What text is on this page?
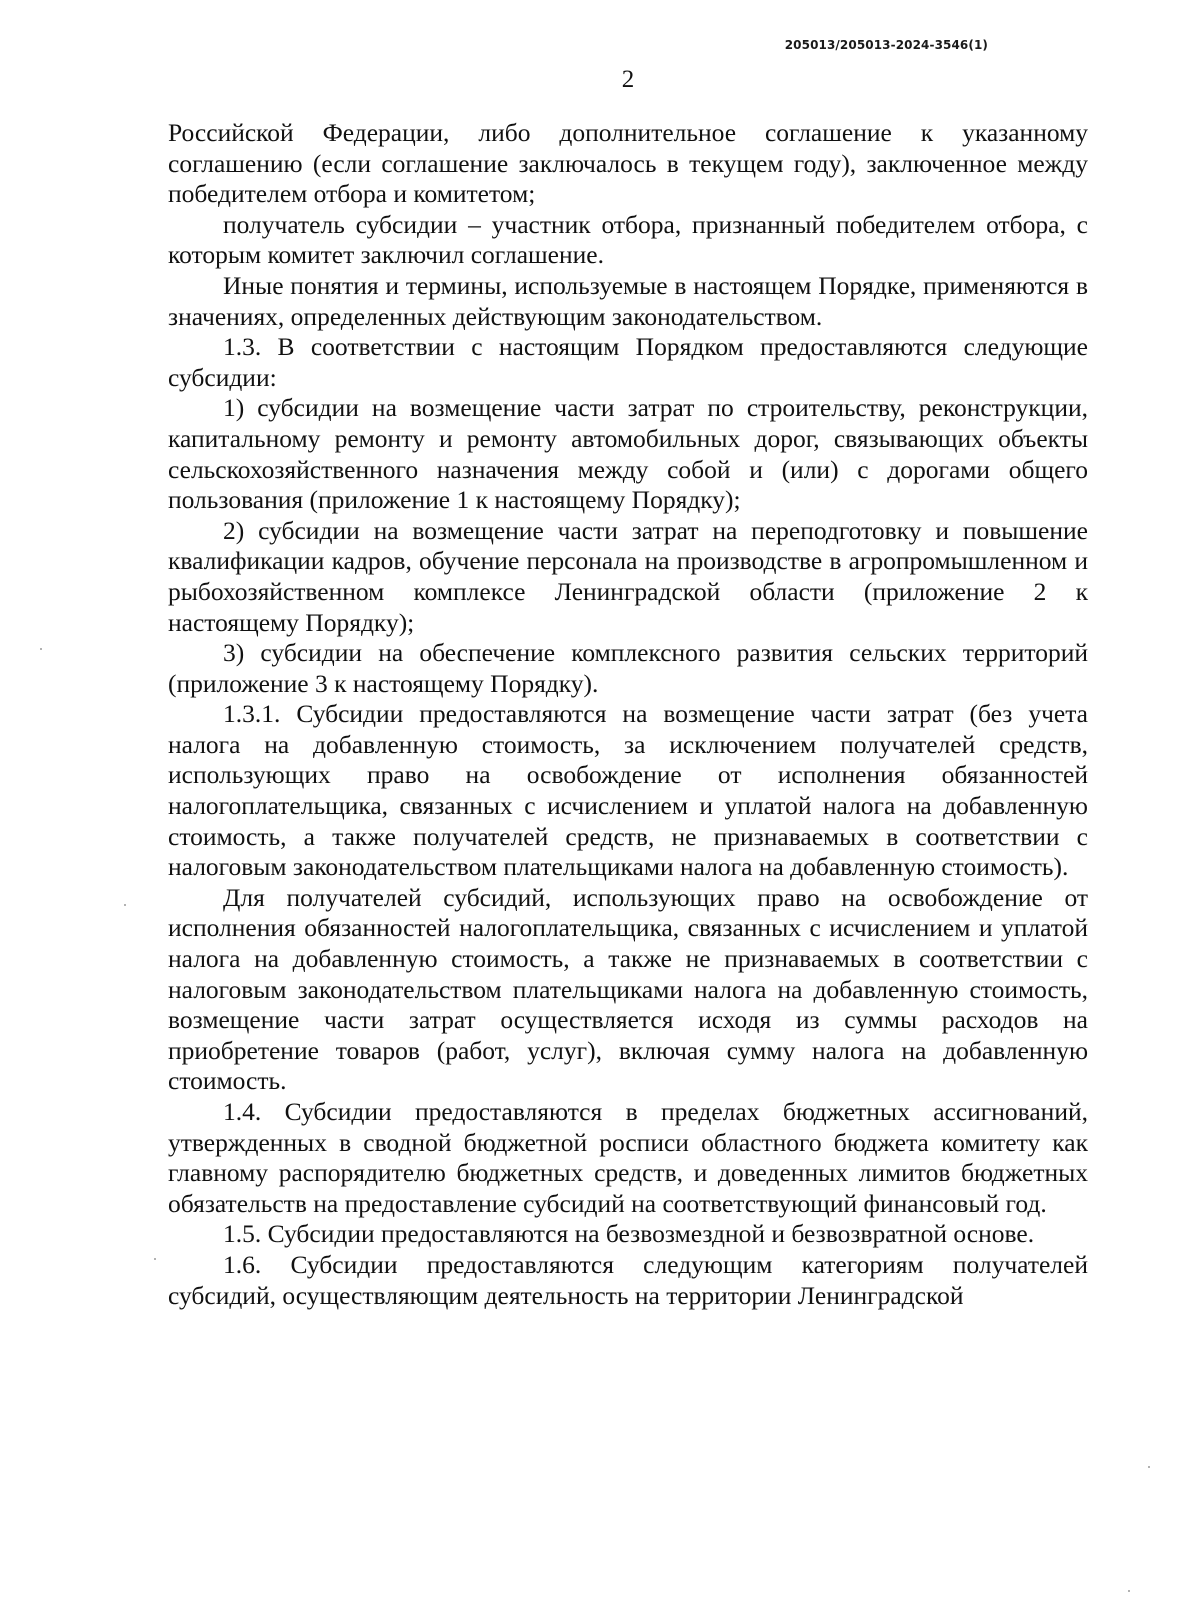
205013/205013-2024-3546(1)
2

Российской Федерации, либо дополнительное соглашение к указанному соглашению (если соглашение заключалось в текущем году), заключенное между победителем отбора и комитетом;

получатель субсидии – участник отбора, признанный победителем отбора, с которым комитет заключил соглашение.

Иные понятия и термины, используемые в настоящем Порядке, применяются в значениях, определенных действующим законодательством.

1.3. В соответствии с настоящим Порядком предоставляются следующие субсидии:

1) субсидии на возмещение части затрат по строительству, реконструкции, капитальному ремонту и ремонту автомобильных дорог, связывающих объекты сельскохозяйственного назначения между собой и (или) с дорогами общего пользования (приложение 1 к настоящему Порядку);

2) субсидии на возмещение части затрат на переподготовку и повышение квалификации кадров, обучение персонала на производстве в агропромышленном и рыбохозяйственном комплексе Ленинградской области (приложение 2 к настоящему Порядку);

3) субсидии на обеспечение комплексного развития сельских территорий (приложение 3 к настоящему Порядку).

1.3.1. Субсидии предоставляются на возмещение части затрат (без учета налога на добавленную стоимость, за исключением получателей средств, использующих право на освобождение от исполнения обязанностей налогоплательщика, связанных с исчислением и уплатой налога на добавленную стоимость, а также получателей средств, не признаваемых в соответствии с налоговым законодательством плательщиками налога на добавленную стоимость).

Для получателей субсидий, использующих право на освобождение от исполнения обязанностей налогоплательщика, связанных с исчислением и уплатой налога на добавленную стоимость, а также не признаваемых в соответствии с налоговым законодательством плательщиками налога на добавленную стоимость, возмещение части затрат осуществляется исходя из суммы расходов на приобретение товаров (работ, услуг), включая сумму налога на добавленную стоимость.

1.4. Субсидии предоставляются в пределах бюджетных ассигнований, утвержденных в сводной бюджетной росписи областного бюджета комитету как главному распорядителю бюджетных средств, и доведенных лимитов бюджетных обязательств на предоставление субсидий на соответствующий финансовый год.

1.5. Субсидии предоставляются на безвозмездной и безвозвратной основе.

1.6. Субсидии предоставляются следующим категориям получателей субсидий, осуществляющим деятельность на территории Ленинградской
